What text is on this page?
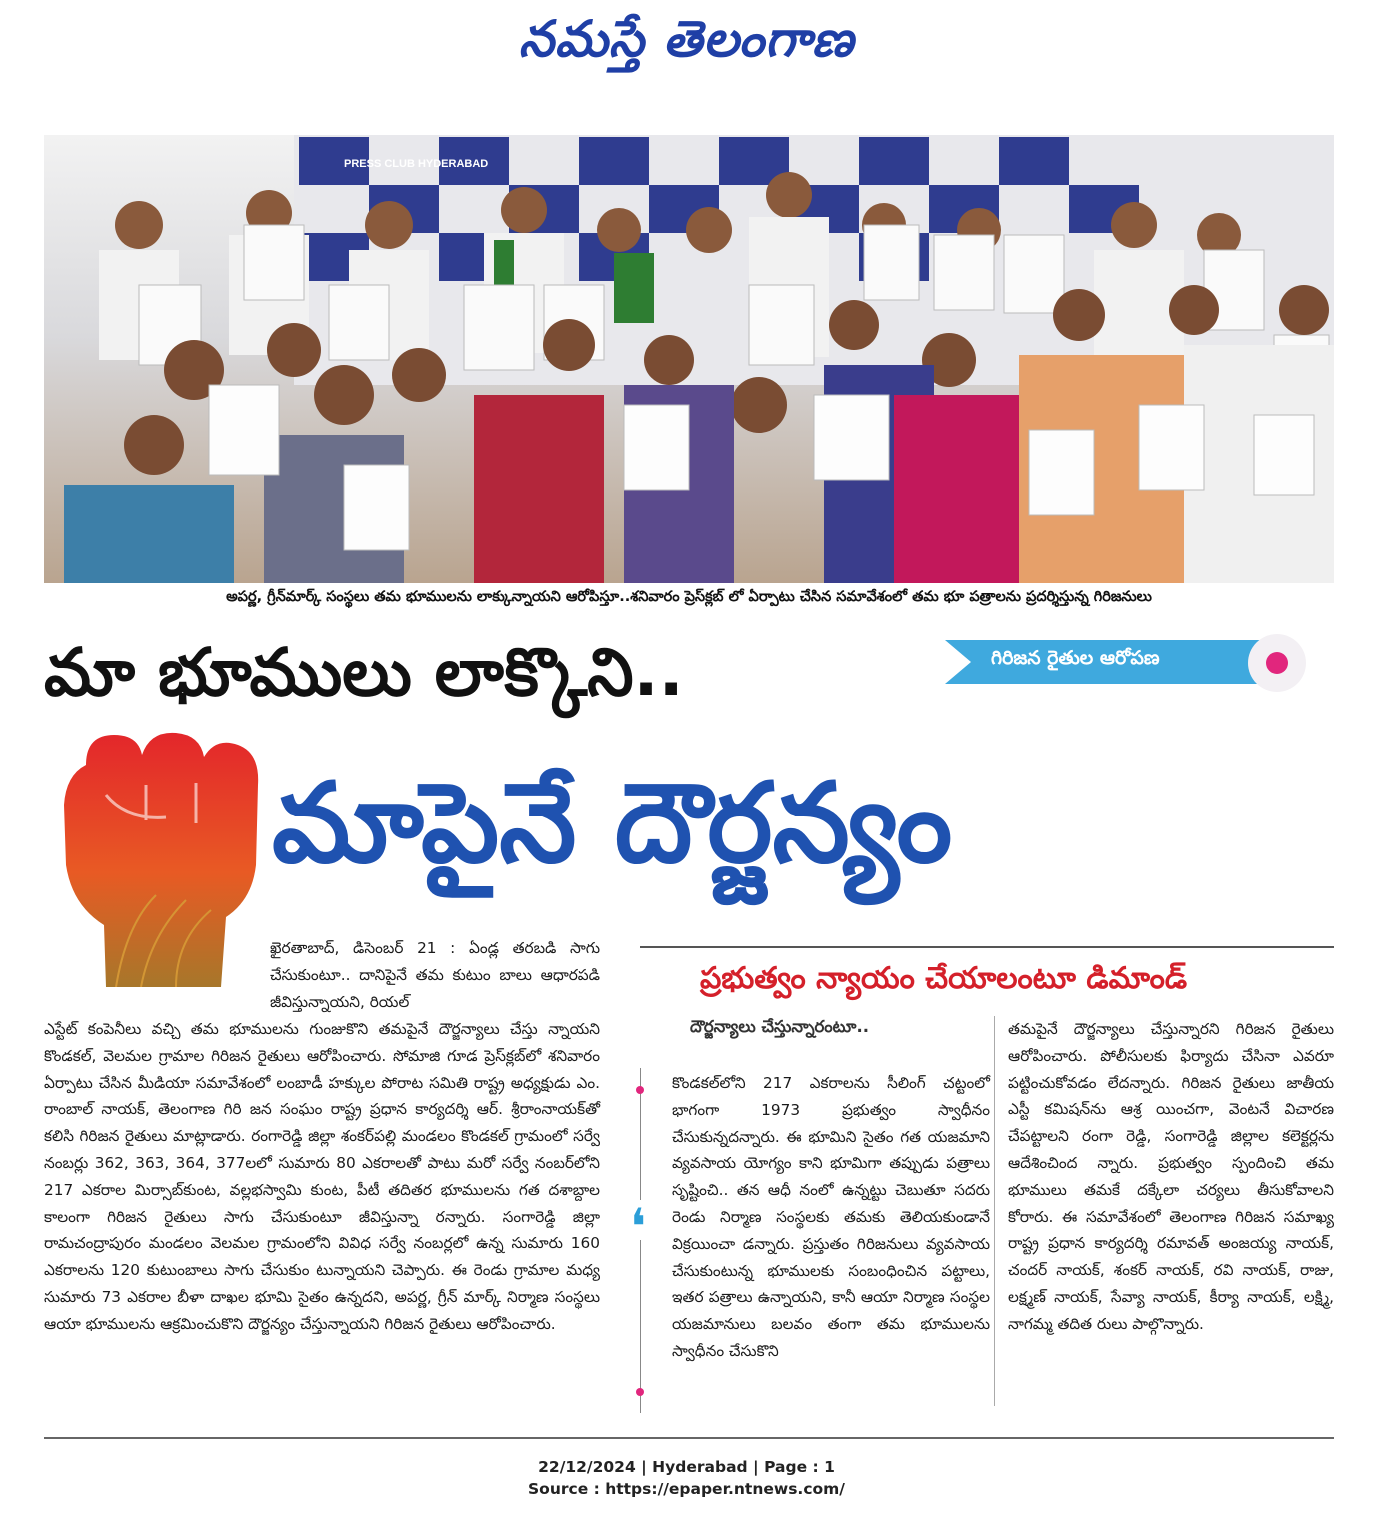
నమస్తే తెలంగాణ
PRESS CLUB HYDERABAD
అపర్ణ, గ్రీన్‌మార్క్ సంస్థలు తమ భూములను లాక్కున్నాయని ఆరోపిస్తూ..శనివారం ప్రెస్‌క్లబ్ లో ఏర్పాటు చేసిన సమావేశంలో తమ భూ పత్రాలను ప్రదర్శిస్తున్న గిరిజనులు
మా భూములు లాక్కొని..	గిరిజన రైతుల ఆరోపణ
మాపైనే దౌర్జన్యం
ప్రభుత్వం న్యాయం చేయాలంటూ డిమాండ్
ఖైరతాబాద్, డిసెంబర్ 21 : ఏండ్ల తరబడి సాగు చేసుకుంటూ.. దానిపైనే తమ కుటుం బాలు ఆధారపడి జీవిస్తున్నాయని, రియల్
ఎస్టేట్ కంపెనీలు వచ్చి తమ భూములను గుంజుకొని తమపైనే దౌర్జన్యాలు చేస్తు న్నాయని కొండకల్, వెలమల గ్రామాల గిరిజన రైతులు ఆరోపించారు. సోమాజి గూడ ప్రెస్‌క్లబ్‌లో శనివారం ఏర్పాటు చేసిన మీడియా సమావేశంలో లంబాడీ హక్కుల పోరాట సమితి రాష్ట్ర అధ్యక్షుడు ఎం. రాంబాల్ నాయక్, తెలంగాణ గిరి జన సంఘం రాష్ట్ర ప్రధాన కార్యదర్శి ఆర్. శ్రీరాంనాయక్‌తో కలిసి గిరిజన రైతులు మాట్లాడారు. రంగారెడ్డి జిల్లా శంకర్‌పల్లి మండలం కొండకల్ గ్రామంలో సర్వే నంబర్లు 362, 363, 364, 377లలో సుమారు 80 ఎకరాలతో పాటు మరో సర్వే నంబర్‌లోని 217 ఎకరాల మిర్సాబ్‌కుంట, వల్లభస్వామి కుంట, పీటీ తదితర భూములను గత దశాబ్దాల కాలంగా గిరిజన రైతులు సాగు చేసుకుంటూ జీవిస్తున్నా రన్నారు. సంగారెడ్డి జిల్లా రామచంద్రాపురం మండలం వెలమల గ్రామంలోని వివిధ సర్వే నంబర్లలో ఉన్న సుమారు 160 ఎకరాలను 120 కుటుంబాలు సాగు చేసుకుం టున్నాయని చెప్పారు. ఈ రెండు గ్రామాల మధ్య సుమారు 73 ఎకరాల బీళా దాఖల భూమి సైతం ఉన్నదని, అపర్ణ, గ్రీన్ మార్క్ నిర్మాణ సంస్థలు ఆయా భూములను ఆక్రమించుకొని దౌర్జన్యం చేస్తున్నాయని గిరిజన రైతులు ఆరోపించారు.
దౌర్జన్యాలు చేస్తున్నారంటూ..
❛
కొండకల్‌లోని 217 ఎకరాలను సీలింగ్ చట్టంలో భాగంగా 1973 ప్రభుత్వం స్వాధీనం చేసుకున్నదన్నారు. ఈ భూమిని సైతం గత యజమాని వ్యవసాయ యోగ్యం కాని భూమిగా తప్పుడు పత్రాలు సృష్టించి.. తన ఆధీ నంలో ఉన్నట్టు చెబుతూ సదరు రెండు నిర్మాణ సంస్థలకు తమకు తెలియకుండానే విక్రయించా డన్నారు. ప్రస్తుతం గిరిజనులు వ్యవసాయ చేసుకుంటున్న భూములకు సంబంధించిన పట్టాలు, ఇతర పత్రాలు ఉన్నాయని, కానీ ఆయా నిర్మాణ సంస్థల యజమానులు బలవం తంగా తమ భూములను స్వాధీనం చేసుకొని
తమపైనే దౌర్జన్యాలు చేస్తున్నారని గిరిజన రైతులు ఆరోపించారు. పోలీసులకు ఫిర్యాదు చేసినా ఎవరూ పట్టించుకోవడం లేదన్నారు. గిరిజన రైతులు జాతీయ ఎస్టీ కమిషన్‌ను ఆశ్ర యించగా, వెంటనే విచారణ చేపట్టాలని రంగా రెడ్డి, సంగారెడ్డి జిల్లాల కలెక్టర్లను ఆదేశించింద న్నారు. ప్రభుత్వం స్పందించి తమ భూములు తమకే దక్కేలా చర్యలు తీసుకోవాలని కోరారు. ఈ సమావేశంలో తెలంగాణ గిరిజన సమాఖ్య రాష్ట్ర ప్రధాన కార్యదర్శి రమావత్ అంజయ్య నాయక్, చందర్ నాయక్, శంకర్ నాయక్, రవి నాయక్, రాజు, లక్ష్మణ్ నాయక్, సేవ్యా నాయక్, కీర్యా నాయక్, లక్ష్మి, నాగమ్మ తదిత రులు పాల్గొన్నారు.
22/12/2024 | Hyderabad | Page : 1
Source : https://epaper.ntnews.com/
